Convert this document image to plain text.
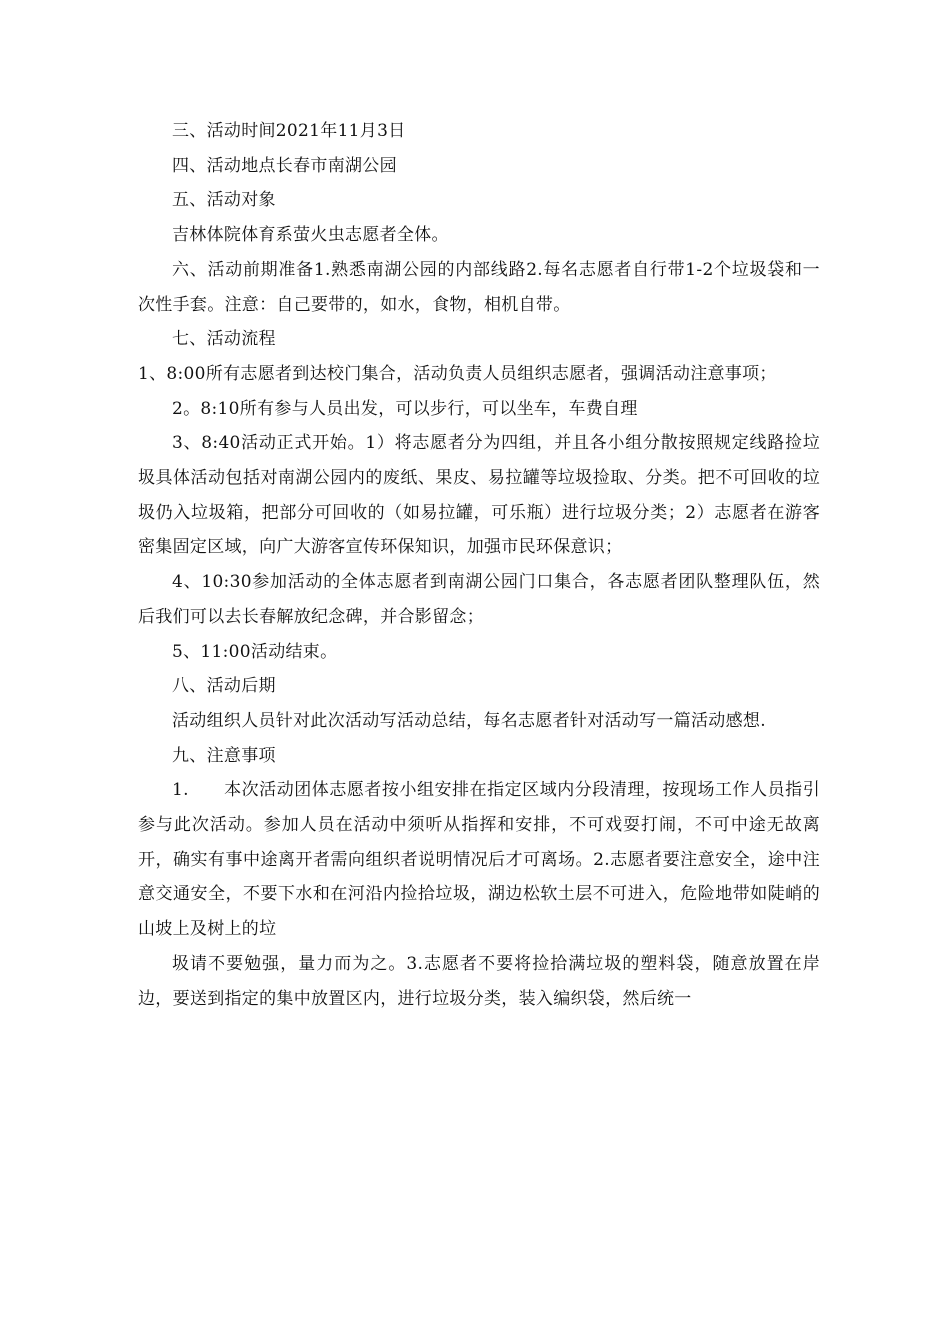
三、活动时间2021年11月3日

四、活动地点长春市南湖公园

五、活动对象

吉林体院体育系萤火虫志愿者全体。

六、活动前期准备1.熟悉南湖公园的内部线路2.每名志愿者自行带1-2个垃圾袋和一次性手套。注意：自己要带的，如水，食物，相机自带。

七、活动流程

1、8:00所有志愿者到达校门集合，活动负责人员组织志愿者，强调活动注意事项；

2。8:10所有参与人员出发，可以步行，可以坐车，车费自理

3、8:40活动正式开始。1）将志愿者分为四组，并且各小组分散按照规定线路捡垃圾具体活动包括对南湖公园内的废纸、果皮、易拉罐等垃圾捡取、分类。把不可回收的垃圾仍入垃圾箱，把部分可回收的（如易拉罐，可乐瓶）进行垃圾分类；2）志愿者在游客密集固定区域，向广大游客宣传环保知识，加强市民环保意识；

4、10:30参加活动的全体志愿者到南湖公园门口集合，各志愿者团队整理队伍，然后我们可以去长春解放纪念碑，并合影留念；

5、11:00活动结束。

八、活动后期

活动组织人员针对此次活动写活动总结，每名志愿者针对活动写一篇活动感想.

九、注意事项

1.　　本次活动团体志愿者按小组安排在指定区域内分段清理，按现场工作人员指引参与此次活动。参加人员在活动中须听从指挥和安排，不可戏耍打闹，不可中途无故离开，确实有事中途离开者需向组织者说明情况后才可离场。2.志愿者要注意安全，途中注意交通安全，不要下水和在河沿内捡拾垃圾，湖边松软土层不可进入，危险地带如陡峭的山坡上及树上的垃

圾请不要勉强，量力而为之。3.志愿者不要将捡拾满垃圾的塑料袋，随意放置在岸边，要送到指定的集中放置区内，进行垃圾分类，装入编织袋，然后统一
